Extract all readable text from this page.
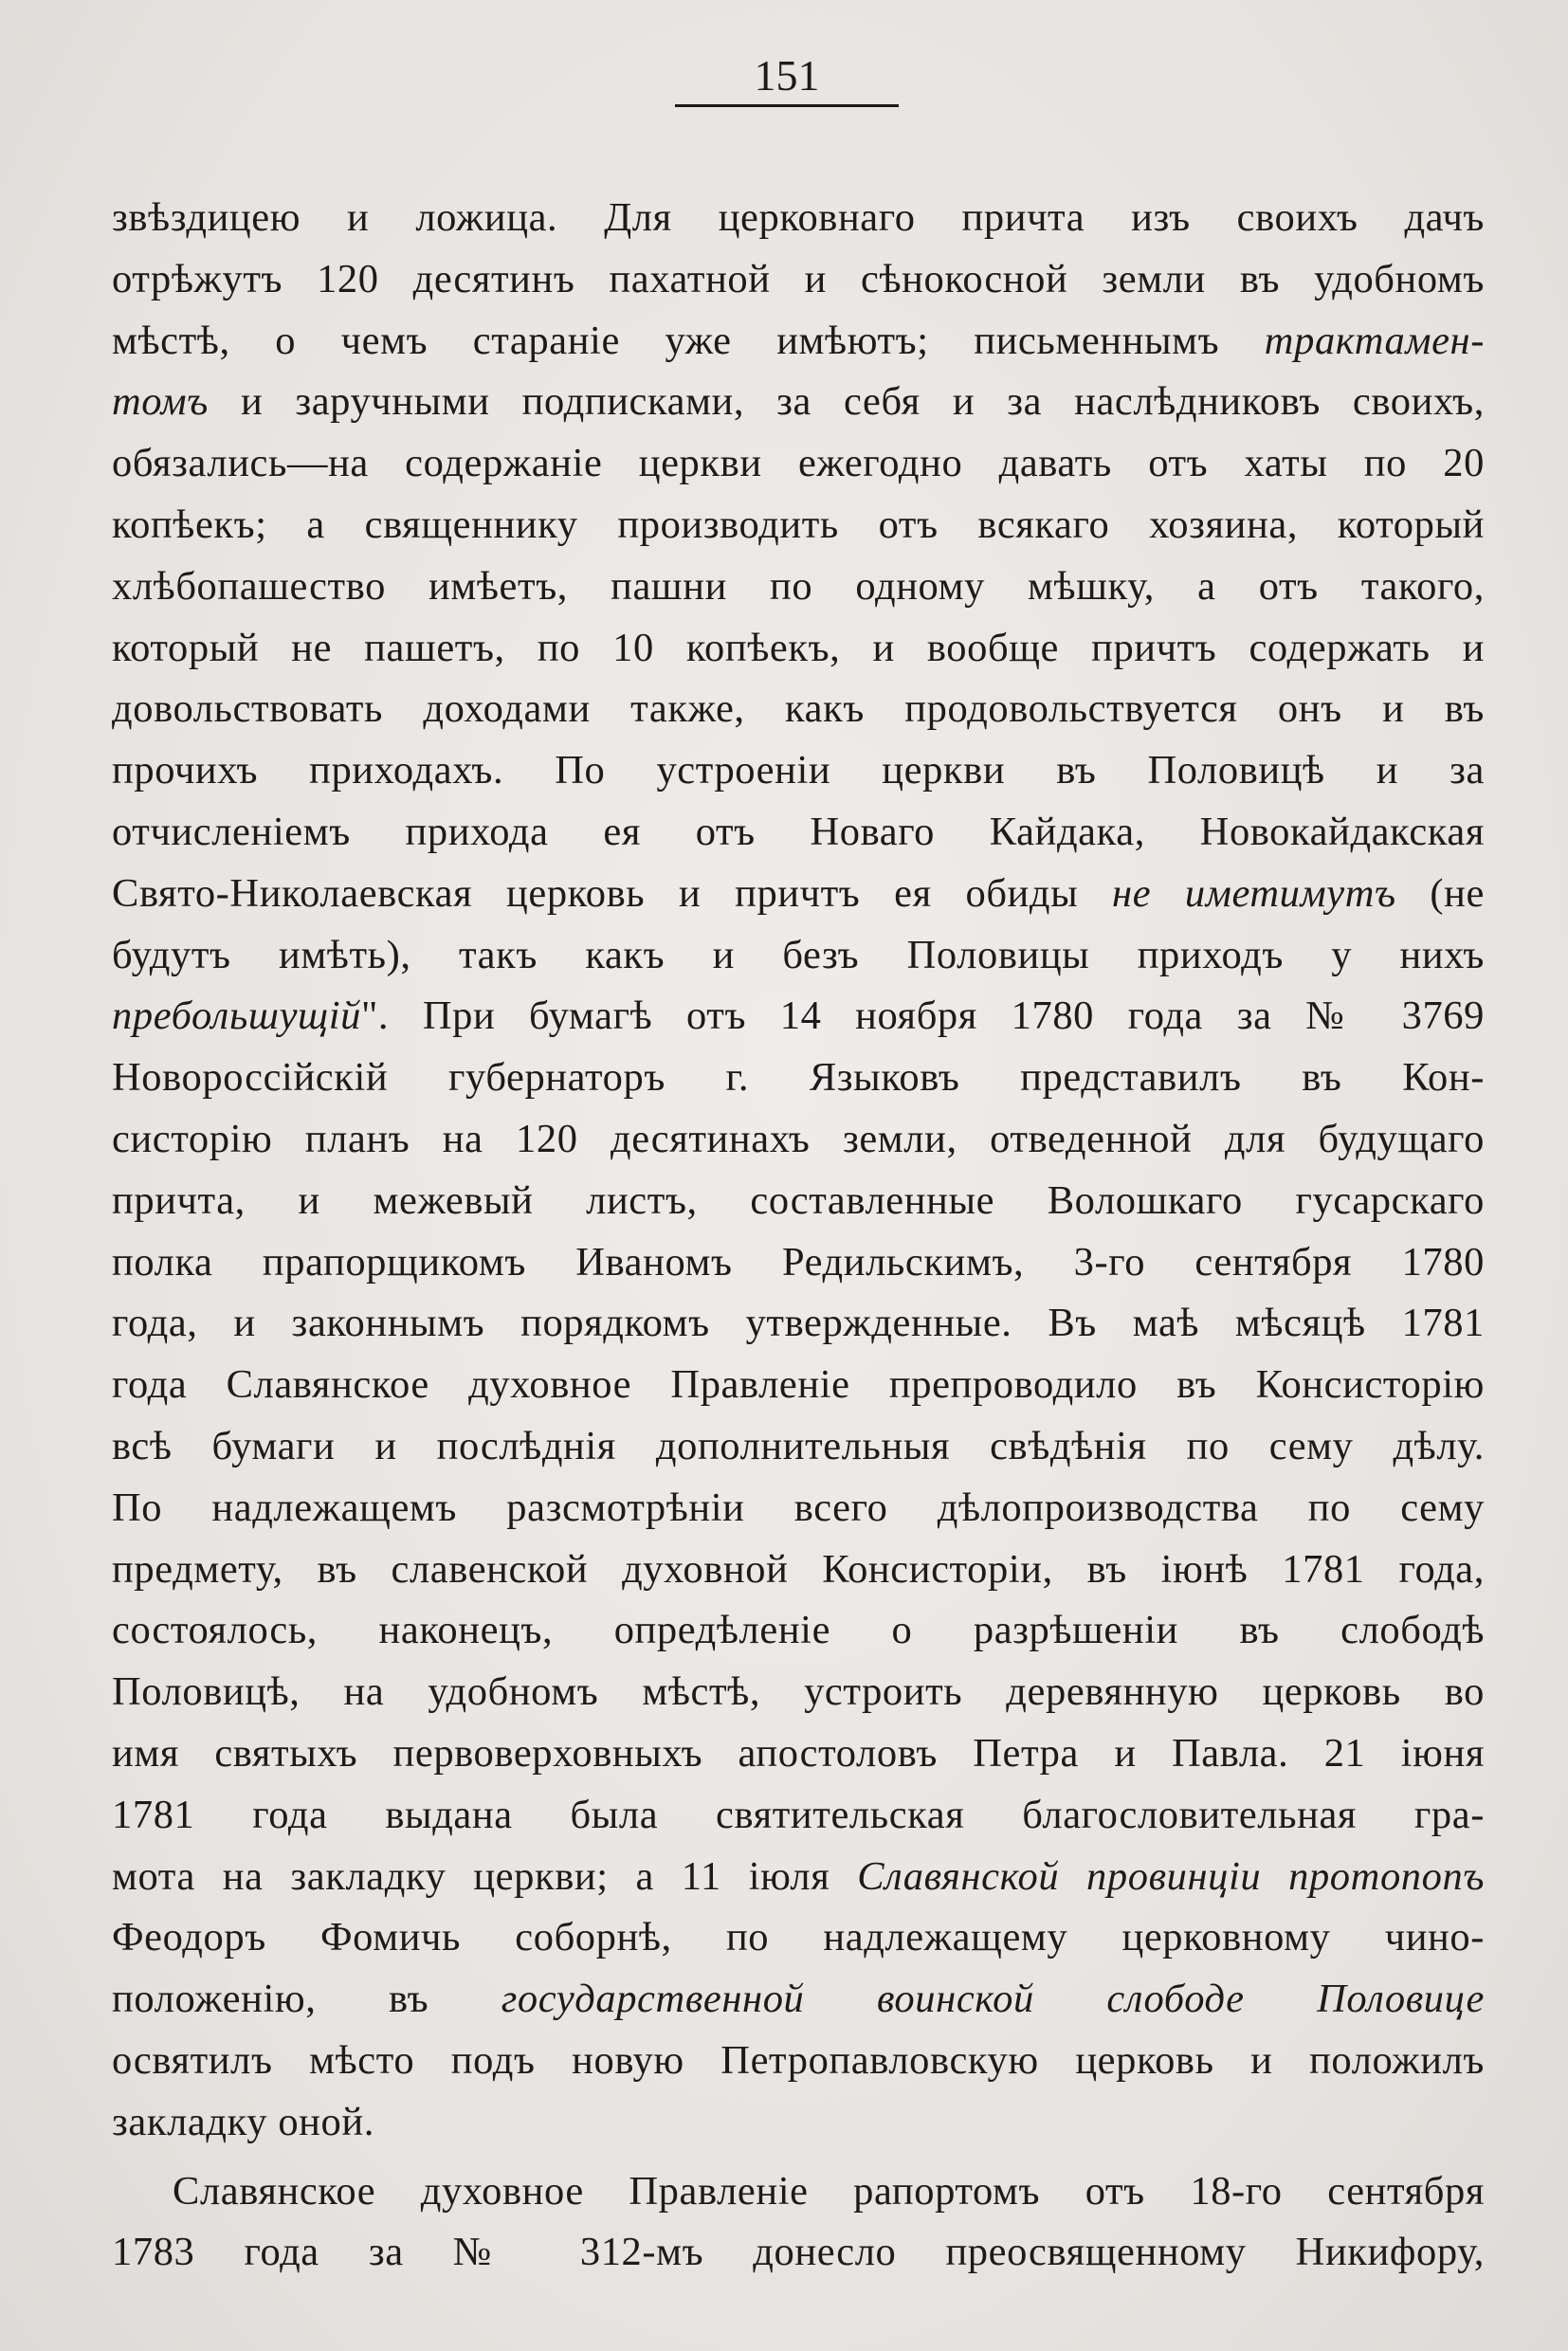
151
звѣздицею и ложица. Для церковнаго причта изъ своихъ дачъ
отрѣжутъ 120 десятинъ пахатной и сѣнокосной земли въ удобномъ
мѣстѣ, о чемъ стараніе уже имѣютъ; письменнымъ трактамен-
томъ и заручными подписками, за себя и за наслѣдниковъ своихъ,
обязались—на содержаніе церкви ежегодно давать отъ хаты по 20
копѣекъ; а священнику производить отъ всякаго хозяина, который
хлѣбопашество имѣетъ, пашни по одному мѣшку, а отъ такого,
который не пашетъ, по 10 копѣекъ, и вообще причтъ содержать и
довольствовать доходами также, какъ продовольствуется онъ и въ
прочихъ приходахъ. По устроеніи церкви въ Половицѣ и за
отчисленіемъ прихода ея отъ Новаго Кайдака, Новокайдакская
Свято-Николаевская церковь и причтъ ея обиды не иметимутъ (не
будутъ имѣть), такъ какъ и безъ Половицы приходъ у нихъ
пребольшущій". При бумагѣ отъ 14 ноября 1780 года за № 3769
Новороссійскій губернаторъ г. Языковъ представилъ въ Кон-
систорію планъ на 120 десятинахъ земли, отведенной для будущаго
причта, и межевый листъ, составленные Волошкаго гусарскаго
полка прапорщикомъ Иваномъ Редильскимъ, 3-го сентября 1780
года, и законнымъ порядкомъ утвержденные. Въ маѣ мѣсяцѣ 1781
года Славянское духовное Правленіе препроводило въ Консисторію
всѣ бумаги и послѣднія дополнительныя свѣдѣнія по сему дѣлу.
По надлежащемъ разсмотрѣніи всего дѣлопроизводства по сему
предмету, въ славенской духовной Консисторіи, въ іюнѣ 1781 года,
состоялось, наконецъ, опредѣленіе о разрѣшеніи въ слободѣ
Половицѣ, на удобномъ мѣстѣ, устроить деревянную церковь во
имя святыхъ первоверховныхъ апостоловъ Петра и Павла. 21 іюня
1781 года выдана была святительская благословительная гра-
мота на закладку церкви; а 11 іюля Славянской провинціи протопопъ
Феодоръ Фомичь соборнѣ, по надлежащему церковному чино-
положенію, въ государственной воинской слободе Половице
освятилъ мѣсто подъ новую Петропавловскую церковь и положилъ
закладку оной.
Славянское духовное Правленіе рапортомъ отъ 18-го сентября
1783 года за № 312-мъ донесло преосвященному Никифору,
